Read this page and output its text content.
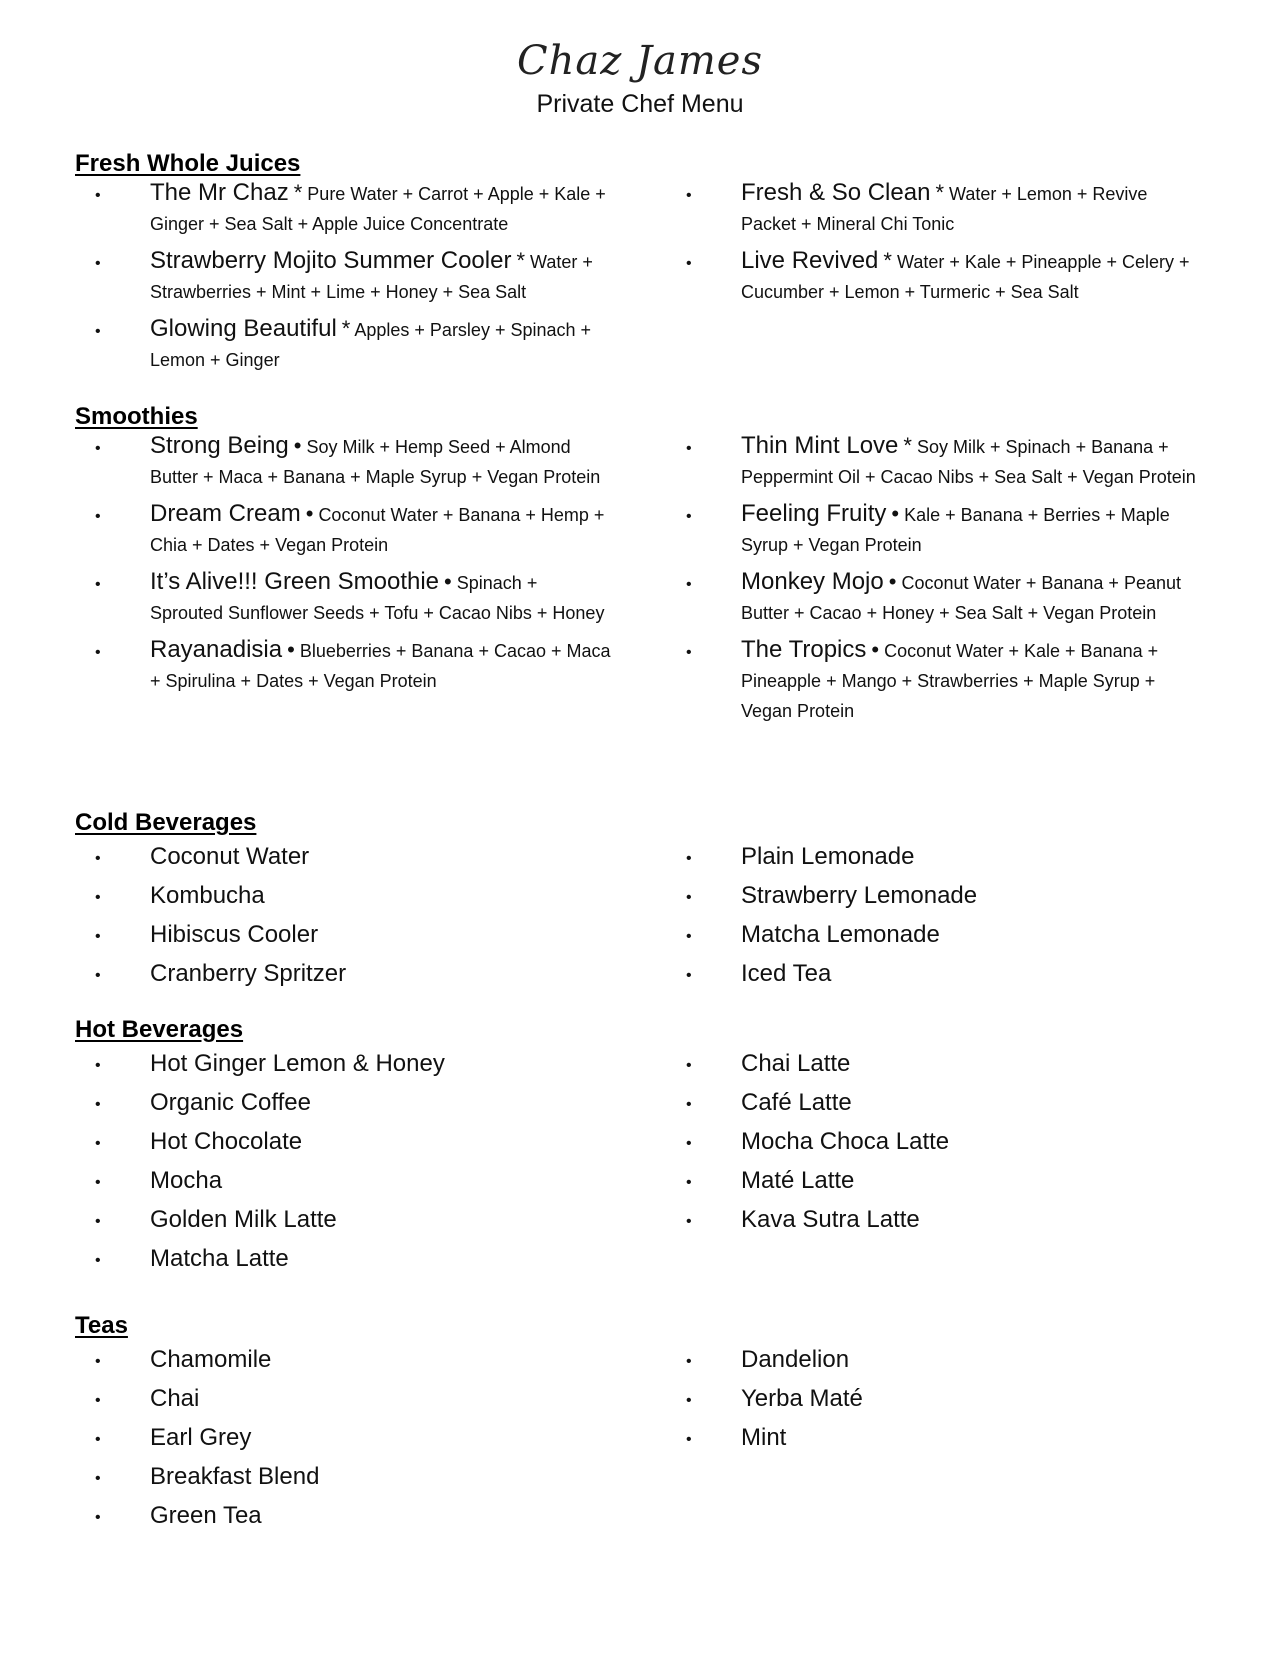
Chaz James
Private Chef Menu
Fresh Whole Juices
• The Mr Chaz * Pure Water + Carrot + Apple + Kale + Ginger + Sea Salt + Apple Juice Concentrate
• Strawberry Mojito Summer Cooler * Water + Strawberries + Mint + Lime + Honey + Sea Salt
• Glowing Beautiful * Apples + Parsley + Spinach + Lemon + Ginger
• Fresh & So Clean * Water + Lemon + Revive Packet + Mineral Chi Tonic
• Live Revived * Water + Kale + Pineapple + Celery + Cucumber + Lemon + Turmeric + Sea Salt
Smoothies
• Strong Being • Soy Milk + Hemp Seed + Almond Butter + Maca + Banana + Maple Syrup + Vegan Protein
• Dream Cream • Coconut Water + Banana + Hemp + Chia + Dates + Vegan Protein
• It’s Alive!!! Green Smoothie • Spinach + Sprouted Sunflower Seeds + Tofu + Cacao Nibs + Honey
• Rayanadisia • Blueberries + Banana + Cacao + Maca + Spirulina + Dates + Vegan Protein
• Thin Mint Love * Soy Milk + Spinach + Banana + Peppermint Oil + Cacao Nibs + Sea Salt + Vegan Protein
• Feeling Fruity • Kale + Banana + Berries + Maple Syrup + Vegan Protein
• Monkey Mojo • Coconut Water + Banana + Peanut Butter + Cacao + Honey + Sea Salt + Vegan Protein
• The Tropics • Coconut Water + Kale + Banana + Pineapple + Mango + Strawberries + Maple Syrup + Vegan Protein
Cold Beverages
• Coconut Water
• Kombucha
• Hibiscus Cooler
• Cranberry Spritzer
• Plain Lemonade
• Strawberry Lemonade
• Matcha Lemonade
• Iced Tea
Hot Beverages
• Hot Ginger Lemon & Honey
• Organic Coffee
• Hot Chocolate
• Mocha
• Golden Milk Latte
• Matcha Latte
• Chai Latte
• Café Latte
• Mocha Choca Latte
• Maté Latte
• Kava Sutra Latte
Teas
• Chamomile
• Chai
• Earl Grey
• Breakfast Blend
• Green Tea
• Dandelion
• Yerba Maté
• Mint
